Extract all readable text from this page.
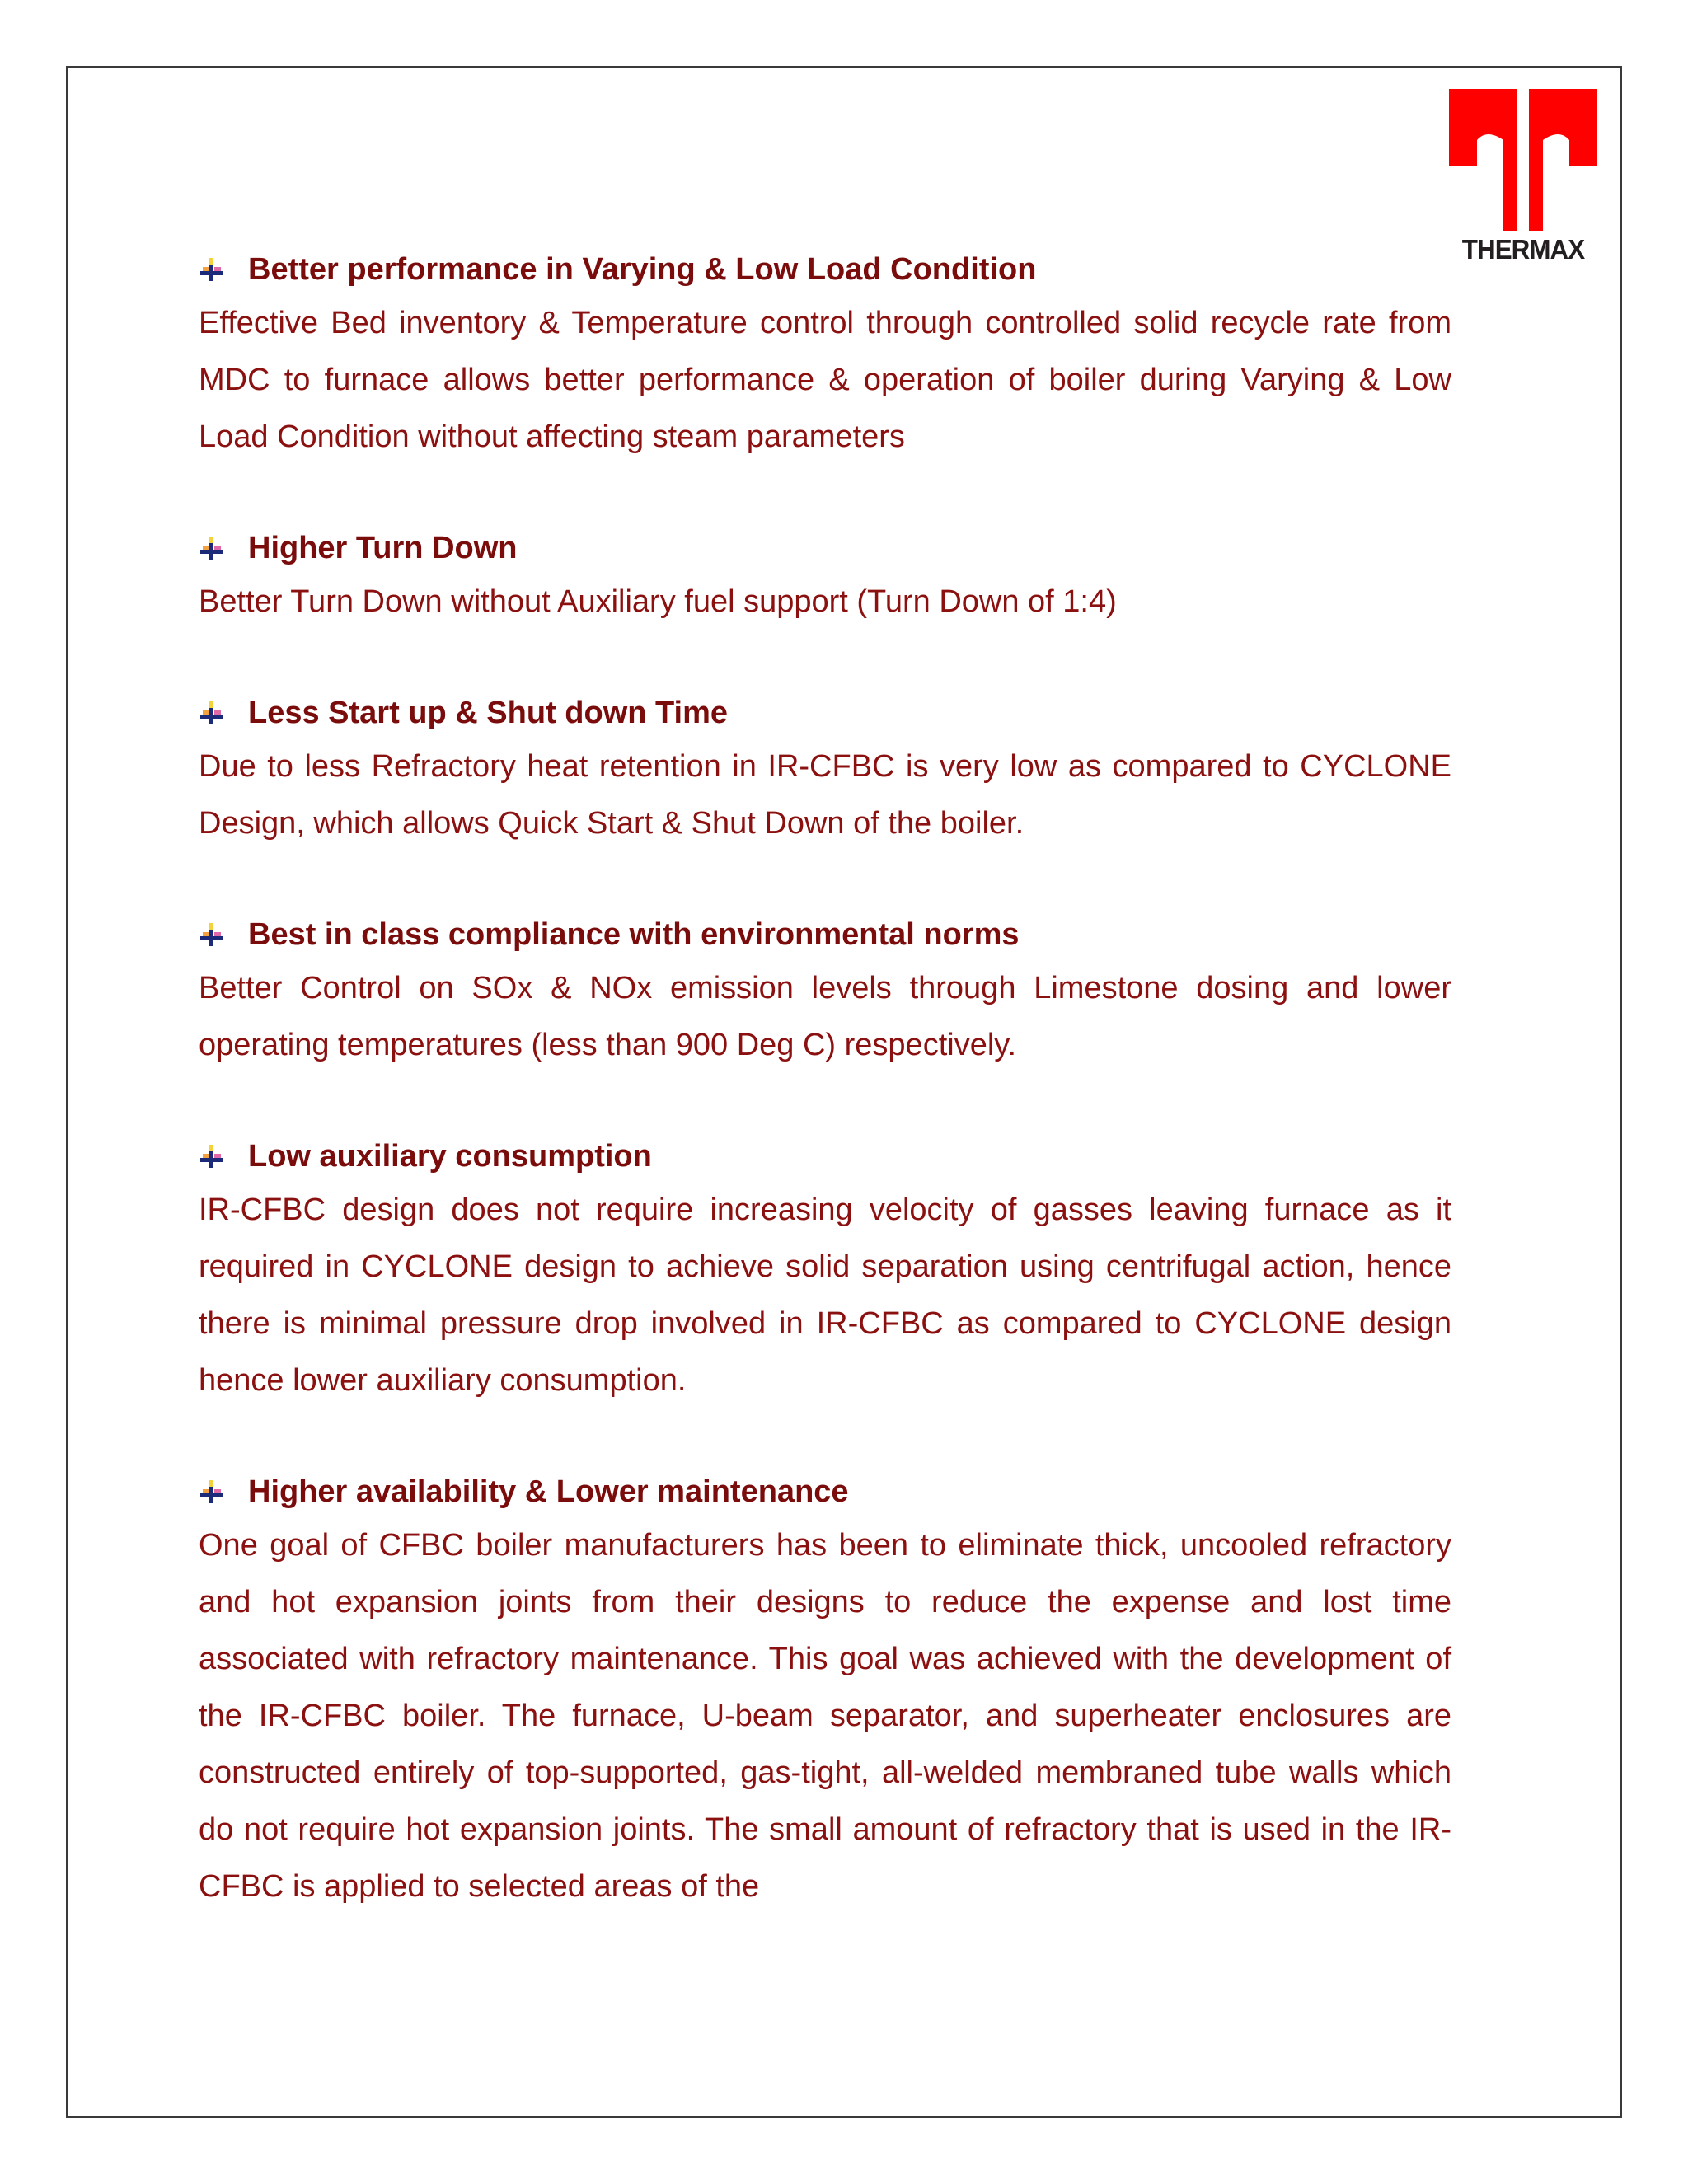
THERMAX
Better performance in Varying & Low Load Condition

Effective Bed inventory & Temperature control through controlled solid recycle rate from MDC to furnace allows better performance & operation of boiler during Varying & Low Load Condition without affecting steam parameters

Higher Turn Down

Better Turn Down without Auxiliary fuel support (Turn Down of 1:4)

Less Start up & Shut down Time

Due to less Refractory heat retention in IR-CFBC is very low as compared to CYCLONE Design, which allows Quick Start & Shut Down of the boiler.

Best in class compliance with environmental norms

Better Control on SOx & NOx emission levels through Limestone dosing and lower operating temperatures (less than 900 Deg C) respectively.

Low auxiliary consumption

IR-CFBC design does not require increasing velocity of gasses leaving furnace as it required in CYCLONE design to achieve solid separation using centrifugal action, hence there is minimal pressure drop involved in IR-CFBC as compared to CYCLONE design hence lower auxiliary consumption.

Higher availability & Lower maintenance

One goal of CFBC boiler manufacturers has been to eliminate thick, uncooled refractory and hot expansion joints from their designs to reduce the expense and lost time associated with refractory maintenance. This goal was achieved with the development of the IR-CFBC boiler. The furnace, U-beam separator, and superheater enclosures are constructed entirely of top-supported, gas-tight, all-welded membraned tube walls which do not require hot expansion joints. The small amount of refractory that is used in the IR-CFBC is applied to selected areas of the
